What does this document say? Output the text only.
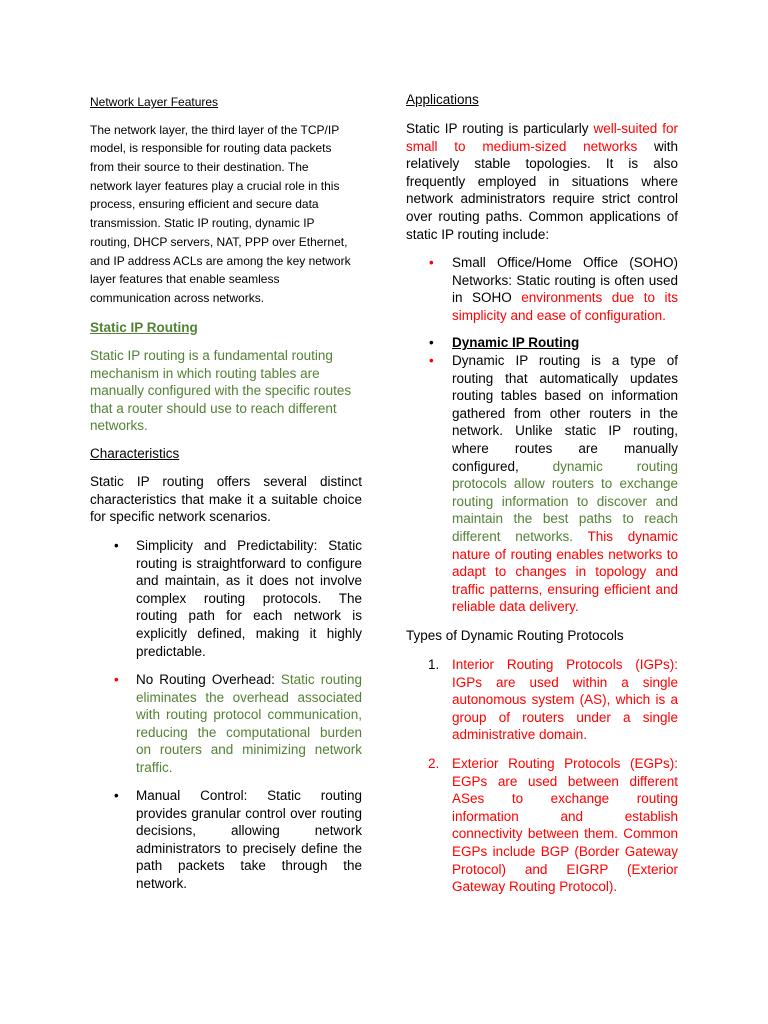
Network Layer Features
The network layer, the third layer of the TCP/IP
model, is responsible for routing data packets
from their source to their destination. The
network layer features play a crucial role in this
process, ensuring efficient and secure data
transmission. Static IP routing, dynamic IP
routing, DHCP servers, NAT, PPP over Ethernet,
and IP address ACLs are among the key network
layer features that enable seamless
communication across networks.
Static IP Routing
Static IP routing is a fundamental routing
mechanism in which routing tables are
manually configured with the specific routes
that a router should use to reach different
networks.
Characteristics
Static IP routing offers several distinct
characteristics that make it a suitable choice
for specific network scenarios.
• Simplicity and Predictability: Static
routing is straightforward to configure
and maintain, as it does not involve
complex routing protocols. The
routing path for each network is
explicitly defined, making it highly
predictable.
• No Routing Overhead: Static routing
eliminates the overhead associated
with routing protocol communication,
reducing the computational burden
on routers and minimizing network
traffic.
• Manual Control: Static routing
provides granular control over routing
decisions, allowing network
administrators to precisely define the
path packets take through the
network.
Applications
Static IP routing is particularly well-suited for
small to medium-sized networks with
relatively stable topologies. It is also
frequently employed in situations where
network administrators require strict control
over routing paths. Common applications of
static IP routing include:
• Small Office/Home Office (SOHO)
Networks: Static routing is often used
in SOHO environments due to its
simplicity and ease of configuration.
• Dynamic IP Routing
• Dynamic IP routing is a type of
routing that automatically updates
routing tables based on information
gathered from other routers in the
network. Unlike static IP routing,
where routes are manually
configured, dynamic routing
protocols allow routers to exchange
routing information to discover and
maintain the best paths to reach
different networks. This dynamic
nature of routing enables networks to
adapt to changes in topology and
traffic patterns, ensuring efficient and
reliable data delivery.
Types of Dynamic Routing Protocols
1. Interior Routing Protocols (IGPs):
IGPs are used within a single
autonomous system (AS), which is a
group of routers under a single
administrative domain.
2. Exterior Routing Protocols (EGPs):
EGPs are used between different
ASes to exchange routing
information and establish
connectivity between them. Common
EGPs include BGP (Border Gateway
Protocol) and EIGRP (Exterior
Gateway Routing Protocol).
